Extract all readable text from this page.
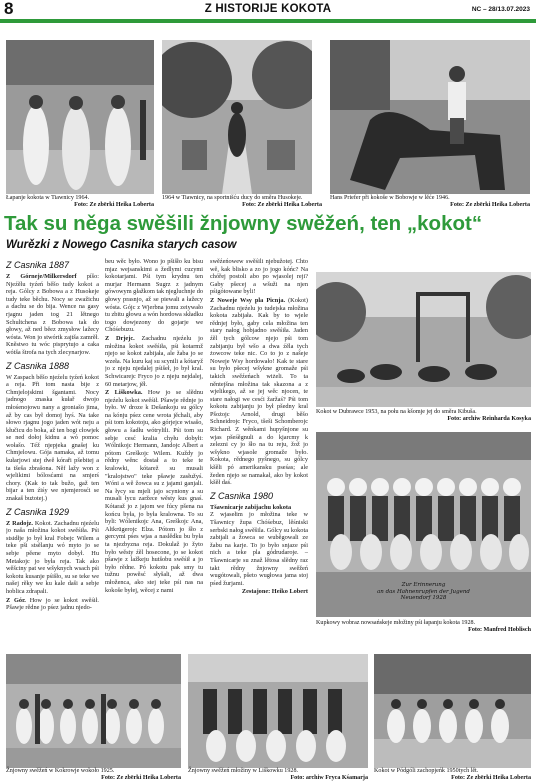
8	Z HISTORIJE KOKOTA	NC – 28/13.07.2023
Łapanje kokota w Tiawnicy 1964.
Foto: Ze zbërki Heika Loberta
1964 w Tiawnicy, na sportnišću ducy do směra Husokeje.
Foto: Ze zbërki Heika Loberta
Hans Priefer při kokoše w Bobowje w lěće 1946.
Foto: Ze zbërki Heika Loberta
Tak su něga swěšili žnjowny swěžeń, ten „kokot“
Wurězki z Nowego Casnika starych casow
Z Casnika 1887

Z Górneje/Milkersdorf píšo: Njeźělu tyźeń běšo tudy kokot a reja. Gólcy z Bobowa a z Husokeje tudy teke běchu. Nocy se zwažichu a dachu se do bija. Wence na gasy rjagnu jaden tog 21 lětnego Schultchena z Bobowa tak do głowy, až ned běez zmysłow lažecy wósta. Won jo stwórtk zajtša zamrěł. Kněstwo tu wóc pisprytujo a caka wótša štrofa na tych zlecynarjow.

Z Casnika 1888

W Zaspach běšo njeźelu tyźeń kokot a reja. Při tom nasta bije z Chmjelojskimi šgantami. Nocy jadnogo znaska kułař dwojo młośenojowu nany a groniašo jima, až by cas był domoj hyś. Na take słowo rjagnu jogo jaden wót neju a kłučicu do boka, až ten bogi cłowjek se ned dołoj kidnu a wó pomoc wołašo. Též njepjeka gnašej ku Chmjelowu. Gója namaka, až tomu kułarjowi stej dwě kóraři pšebitej a ta tšeša zbrašona. Něf lažy won z wjelikimi bólosćami na smjerś chory. (Kak to tak bužo, gaž ten bijar a ten źiśy we njemjerosći se znakaš bużotej.)

Z Casnika 1929

Z Radojz. Kokot. Zachadnu njeźelu jo naša młožina kokot swěśiła. Pśi stsidłje jo był kral Fobejc Wilem a teke pši stsělanju wó myto jo se sebje pěene myto dobył. Hu Metakojc jo była reja. Tak ako wěšciny pat we wšyknych wsach pśi kokotu kusanje pśišło, su se teke we našej rěky we ku kale daši a sebje hoblica zdrapali.

Z Gór. How jo se kokot swěśił. Pšawje rědne jo pśez jadnu njedo-

beu wěc było. Wono jo pšišło ku bisu mjaz wejsanskimi a žedlymi cuzymi kokotarjami. Pśi tym krydnu ten murjar Hermann Sugrz z jadnym gówowym głažkom tak njegluchnje do głowy prasnjo, až se piewali a łažecy wósta. Gójc z Wjerbna jomu zeiywało tu zbitu głowu a wón hordowa składku togo dowjezony do gojarje we Chóśebuzu.

Z Drjejc. Zachadnu njeźelu jo młožina kokot swěśiła, pśi kotarmž njejo se kokot zabijała, ale žaba jo se wzeła. Na kuru kaj su scynili a kótaryž jo z njeju njedalej pśišeł, jo był kral. Schwicarejc Fryco jo z njeju nejdalej, 60 metarjow, jěł.

Z Liškowka. How jo se slědnu njeźelu kokot swěśił. Pšawje rědnje jo było. W droze k Dešankoju su gólcy na kónju pśez cene wrota jěchali, aby pśi tom kokotoju, ako górjejce wisašo, głowu a šadłu wótrylili. Pśi tom su sebje cesć kralia chyłu dobyłi: Wólnikojc Hermann, Jandojc Albert a pótom Greškojc Wilem. Kuždy jo rědny wěnc dostał a to teke te kralowki, kótarež su musali "kralojstwo" teke pšawje zasłužyś. Wóni a wě žowca su z jajami ganjali. Na łycy su mjeli jajo scyniony a su musali łycu zaržece wěsty kus gnaś. Kótaraž jo z jajom we fúcy pšena na końcu była, jo była kralowna. To su byli: Wólenikojc Ana, Greškojc Ana, Altkrügerojc Elza. Pótom jo šło z gercymi pśes wjas a naslědku bu była ta njezbyzna reja. Dokulaž jo žyto było wěsty źěl hosecone, jo se kokot pšawje z lažkeju hutšobu swěśił a jo było rědne. Pó kokotu pak smy tu tužnu powěsć słyšali, až dwa młoženca, ako stej teke pśi nas na kokoše byłej, wěcej z nami

swěźeńowew swěśili njebužotej. Chto wě, kak blisko a zo jo jogo kóńc? Na chóřej postoli abo po wjasolej reji? Gaby pšecej a wšuži na njen pśigótowane byli!

Z Noweje Wsy pla Picnja. (Kokot) Zachadnu njeźelu jo tudejska młožina kokota zabijała. Kak by to wjele rědnjej było, gaby cela młožina ten stary nałog hobjadno swěśiła. Jaden źěl tych gólcow njejo pśi tom zabijanju był wšo a dwa źěla tych żowcow teke nic. Co to jo z našeje Noweje Wsy hordowało! Kak te stare su było pšecej wšykne gromaže pśi takich swěźeńach wiżeli. To ta něntejšna młožina tak skazona a z wjelikego, až se jej wěc njocen, te stare nałogi we cesći žaržaś? Pśi tom kokotu zabijanju jo był pšedny kral Pšożojc Arnold, drugi běšo Schneidrojc Fryco, tšeši Schomberojc Richard. Z wěnkami hupyšnjone su wjas pšeśěgnuli a do kjarcmy k zelezni cy jo šło na tu reju, žož jo wšykno wjasole gromaže było. Kokota, rědnego pyšnego, su gólcy kšěli pó amerikansku pseśas; ale žeden njejo se namakał, ako by kokot kšěł daś.

Z Casnika 1980

Tšawnicarje zabijachu kokota
Z wjasełim jo młožina teke w Tšawnicy župa Chóśebuz, lěśniski serbski nałog swěšila. Gólcy su kokota zabijali a žowca se wuběgowali ze žabu na karje. To jo było snjaze pśi nich a teke pla gódrudaroje. – Tšawnicarje su znaž lětosa slědny raz takt rědny žnjowny swěžeń wugótowali, pšeto wugłowa jama stoj pśed žurjami.

Zestajone: Heiko Lobert

Kokot w Dubrawce 1953, na połu na kšomje jej do směra Kibuša.
Foto: archiw Reinharda Kosyka
Zur Erinnerung
an das Hahnenrupfen der Jugend
Neuendorf 1928
Kupkowy wobraz nowsańskeje młožiny pśi łapanju kokota 1928.
Foto: Manfred Hoblisch
Žnjowny swěžeń w Kokrowje wokoło 1925.
Foto: Ze zbërki Heika Loberta
Žnjowny swěžeń młožiny w Liškowku 1928.
Foto: archiw Fryca Kśamarja
Kokot w Pódgóli zachopjeńk 1950tych lět.
Foto: Ze zbërki Heika Loberta
